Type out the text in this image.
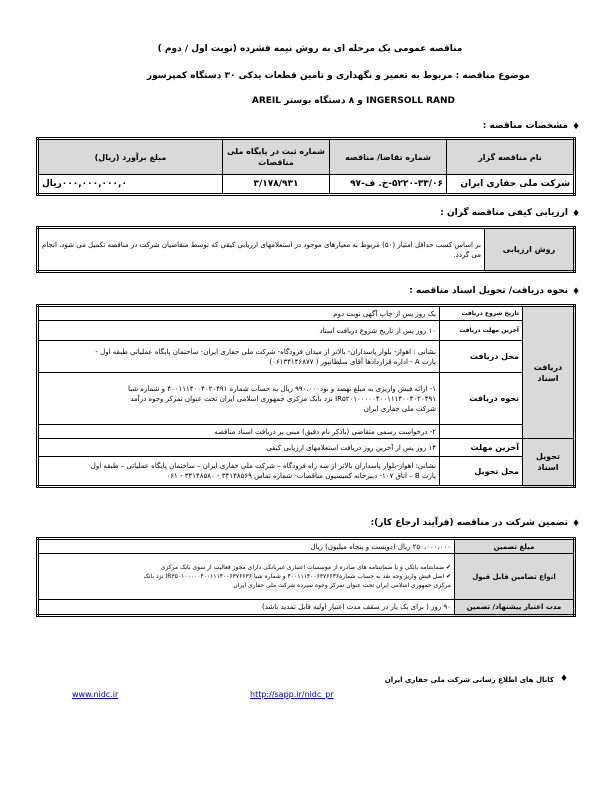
مناقصه عمومی یک مرحله ای به روش نیمه فشرده (نوبت اول / دوم )
موضوع مناقصه : مربوط به تعمیر و نگهداری و تامین قطعات یدکی ۳۰ دستگاه کمپرسور
INGERSOLL RAND و ۸ دستگاه بوستر AREIL
♦
مشخصات مناقصه :
نام مناقصه گزار	شماره تقاضا/ مناقصه	شماره ثبت در پایگاه ملی مناقصات	مبلغ برآورد (ریال)
شرکت ملی حفاری ایران	۵۲۲۰-۳۳/۰۶-خ. ف-۹۷	۳/۱۷۸/۹۳۱	۰۰۰,۰۰۰,۰۰۰,۰ریال
♦
ارزیابی کیفی مناقصه گران :
روش ارزیابی	بر اساس کسب حداقل امتیاز (۵۰) مربوط به معیارهای موجود در استعلامهای ارزیابی کیفی که توسط متقاضیان شرکت در مناقصه تکمیل می شود، انجام می گردد.
♦
نحوه دریافت/ تحویل اسناد مناقصه :
دریافت اسناد	تاریخ شروع دریافت	یک روز پس از چاپ آگهی نوبت دوم
	آخرین مهلت دریافت	۱۰ روز پس از تاریخ شروع دریافت اسناد
	محل دریافت	نشانی : اهواز- بلوار پاسداران- بالاتر از میدان فرودگاه- شرکت ملی حفاری ایران- ساختمان پایگاه عملیاتی طبقه اول -
پارت A - اداره قراردادها آقای سلطانپور ( ۰۶۱۳۴۱۴۶۸۷۷)

	نحوه دریافت	۱- ارائه فیش واریزی به مبلغ نهصد و نود۹۹۰،۰۰۰ ریال به حساب شماره ۴۰۰۱۱۱۴۰۰۴۰۲۰۴۹۱ و شماره شبا
IR۵۲۰۱۰۰۰۰۰۴۰۰۱۱۱۴۰۰۴۰۲۰۴۹۱ نزد بانک مرکزی جمهوری اسلامی ایران تحت عنوان تمرکز وجوه درآمد
شرکت ملی حفاری ایران

		۲- درخواست رسمی متقاضی (باذکر نام دقیق) مبنی بر دریافت اسناد مناقصه
تحویل اسناد	آخرین مهلت	۱۴ روز پس از آخرین روز دریافت استعلامهای ارزیابی کیفی
	محل تحویل	نشانی: اهواز-بلوار پاسداران بالاتر از سه راه فرودگاه – شرکت ملی حفاری ایران – ساختمان پایگاه عملیاتی – طبقه اول
پارت B – اتاق ۱۰۷- دبیرخانه کمیسیون مناقصات- شماره تماس ۳۴۱۴۸۵۶۹ - ۳۴۱۴۸۵۸۰ - ۰۶۱
♦
تضمین شرکت در مناقصه (فرآیند ارجاع کار):
مبلغ تضمین	۲۵۰،۰۰۰،۰۰۰ ریال (دویست و پنجاه میلیون) ریال
انواع تضامین قابل قبول	✔ ضمانتنامه بانکی و یا ضمانتنامه های صادره از موسسات اعتباری غیربانکی دارای مجوز فعالیت از سوی بانک مرکزی
✔ اصل فیش واریز وجه نقد به حساب شماره۴۰۰۱۱۱۴۰۰۶۳۷۶۶۳۶ و شماره شبا IR۳۵۰۱۰۰۰۰۰۴۰۰۱۱۱۴۰۰۶۳۷۶۶۳۶ نزد بانک
مرکزی جمهوری اسلامی ایران تحت عنوان تمرکز وجوه سپرده شرکت ملی حفاری ایران

مدت اعتبار پیشنهاد/ تضمین	۹۰ روز ( برای یک بار در سقف مدت اعتبار اولیه قابل تمدید باشد)
♦
کانال های اطلاع رسانی شرکت ملی حفاری ایران
http://sapp.ir/nidc_pr
www.nidc.ir
